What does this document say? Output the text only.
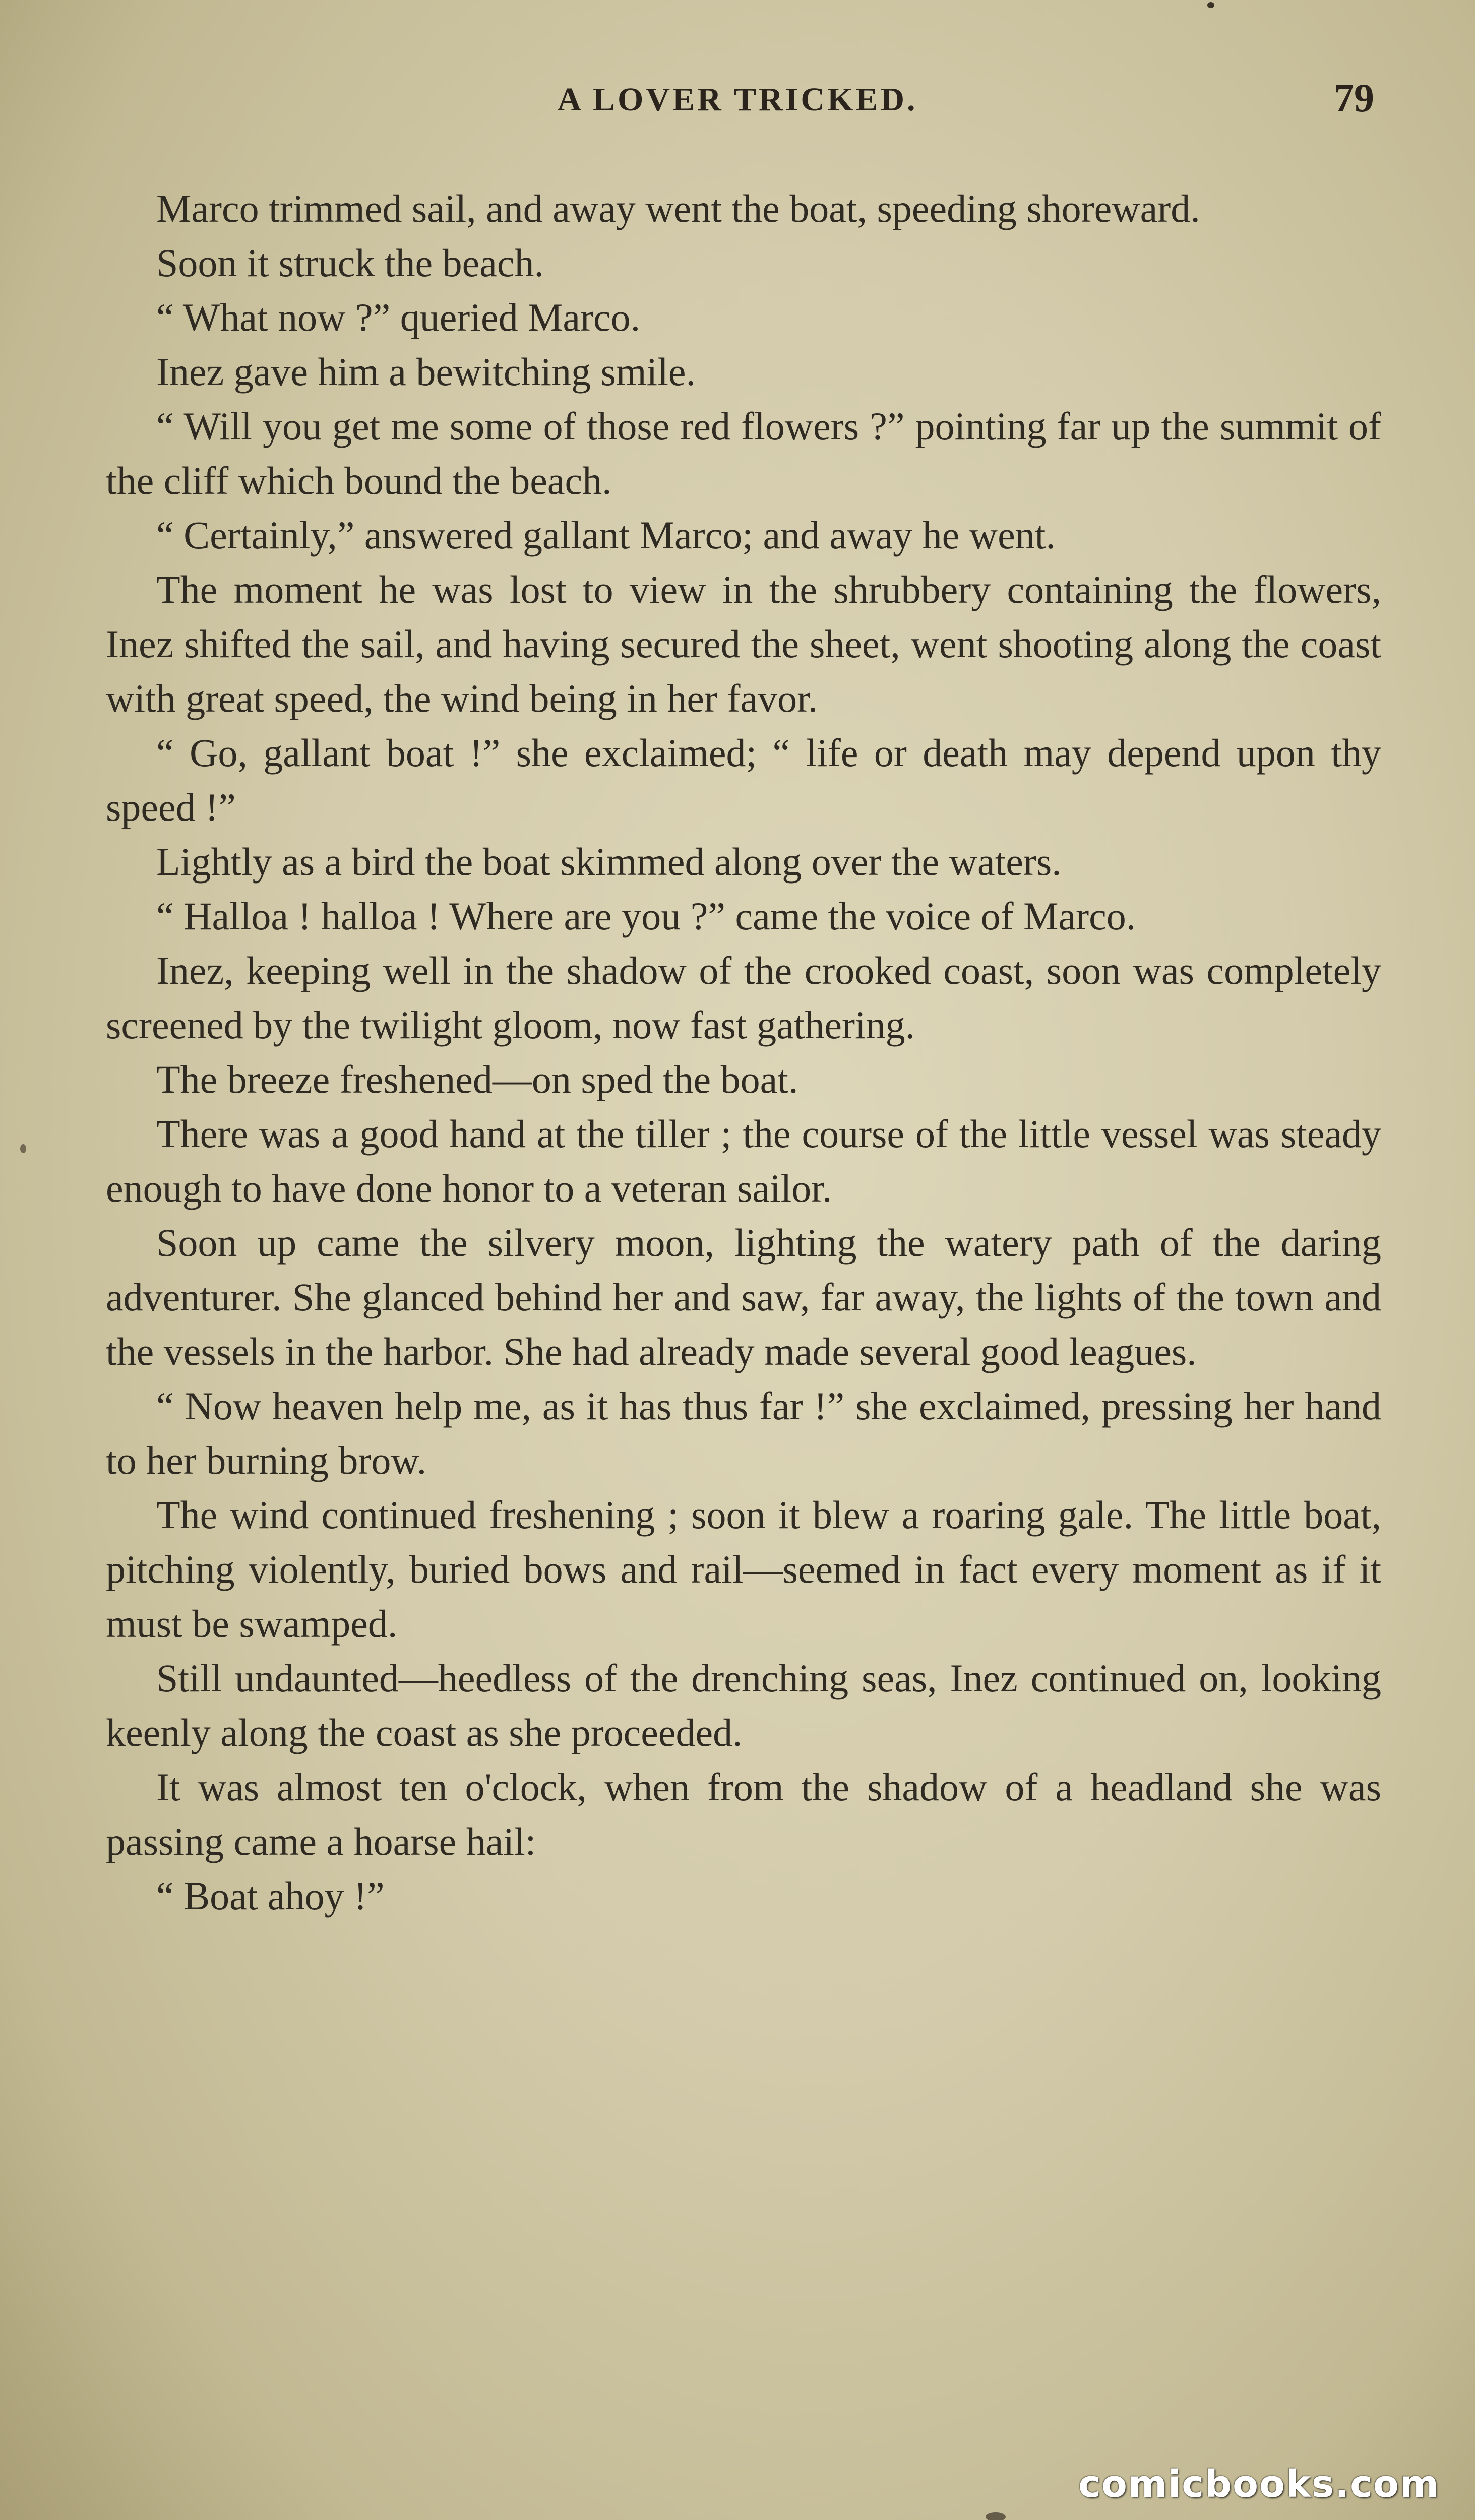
A LOVER TRICKED.	79

Marco trimmed sail, and away went the boat, speeding shoreward.

Soon it struck the beach.

“ What now ?” queried Marco.

Inez gave him a bewitching smile.

“ Will you get me some of those red flowers ?” pointing far up the summit of the cliff which bound the beach.

“ Certainly,” answered gallant Marco; and away he went.

The moment he was lost to view in the shrubbery containing the flowers, Inez shifted the sail, and having secured the sheet, went shooting along the coast with great speed, the wind being in her favor.

“ Go, gallant boat !” she exclaimed; “ life or death may depend upon thy speed !”

Lightly as a bird the boat skimmed along over the waters.

“ Halloa ! halloa ! Where are you ?” came the voice of Marco.

Inez, keeping well in the shadow of the crooked coast, soon was completely screened by the twilight gloom, now fast gathering.

The breeze freshened—on sped the boat.

There was a good hand at the tiller ; the course of the little vessel was steady enough to have done honor to a veteran sailor.

Soon up came the silvery moon, lighting the watery path of the daring adventurer. She glanced behind her and saw, far away, the lights of the town and the vessels in the harbor. She had already made several good leagues.

“ Now heaven help me, as it has thus far !” she exclaimed, pressing her hand to her burning brow.

The wind continued freshening ; soon it blew a roaring gale. The little boat, pitching violently, buried bows and rail—seemed in fact every moment as if it must be swamped.

Still undaunted—heedless of the drenching seas, Inez continued on, looking keenly along the coast as she proceeded.

It was almost ten o'clock, when from the shadow of a headland she was passing came a hoarse hail:

“ Boat ahoy !”

comicbooks.com
